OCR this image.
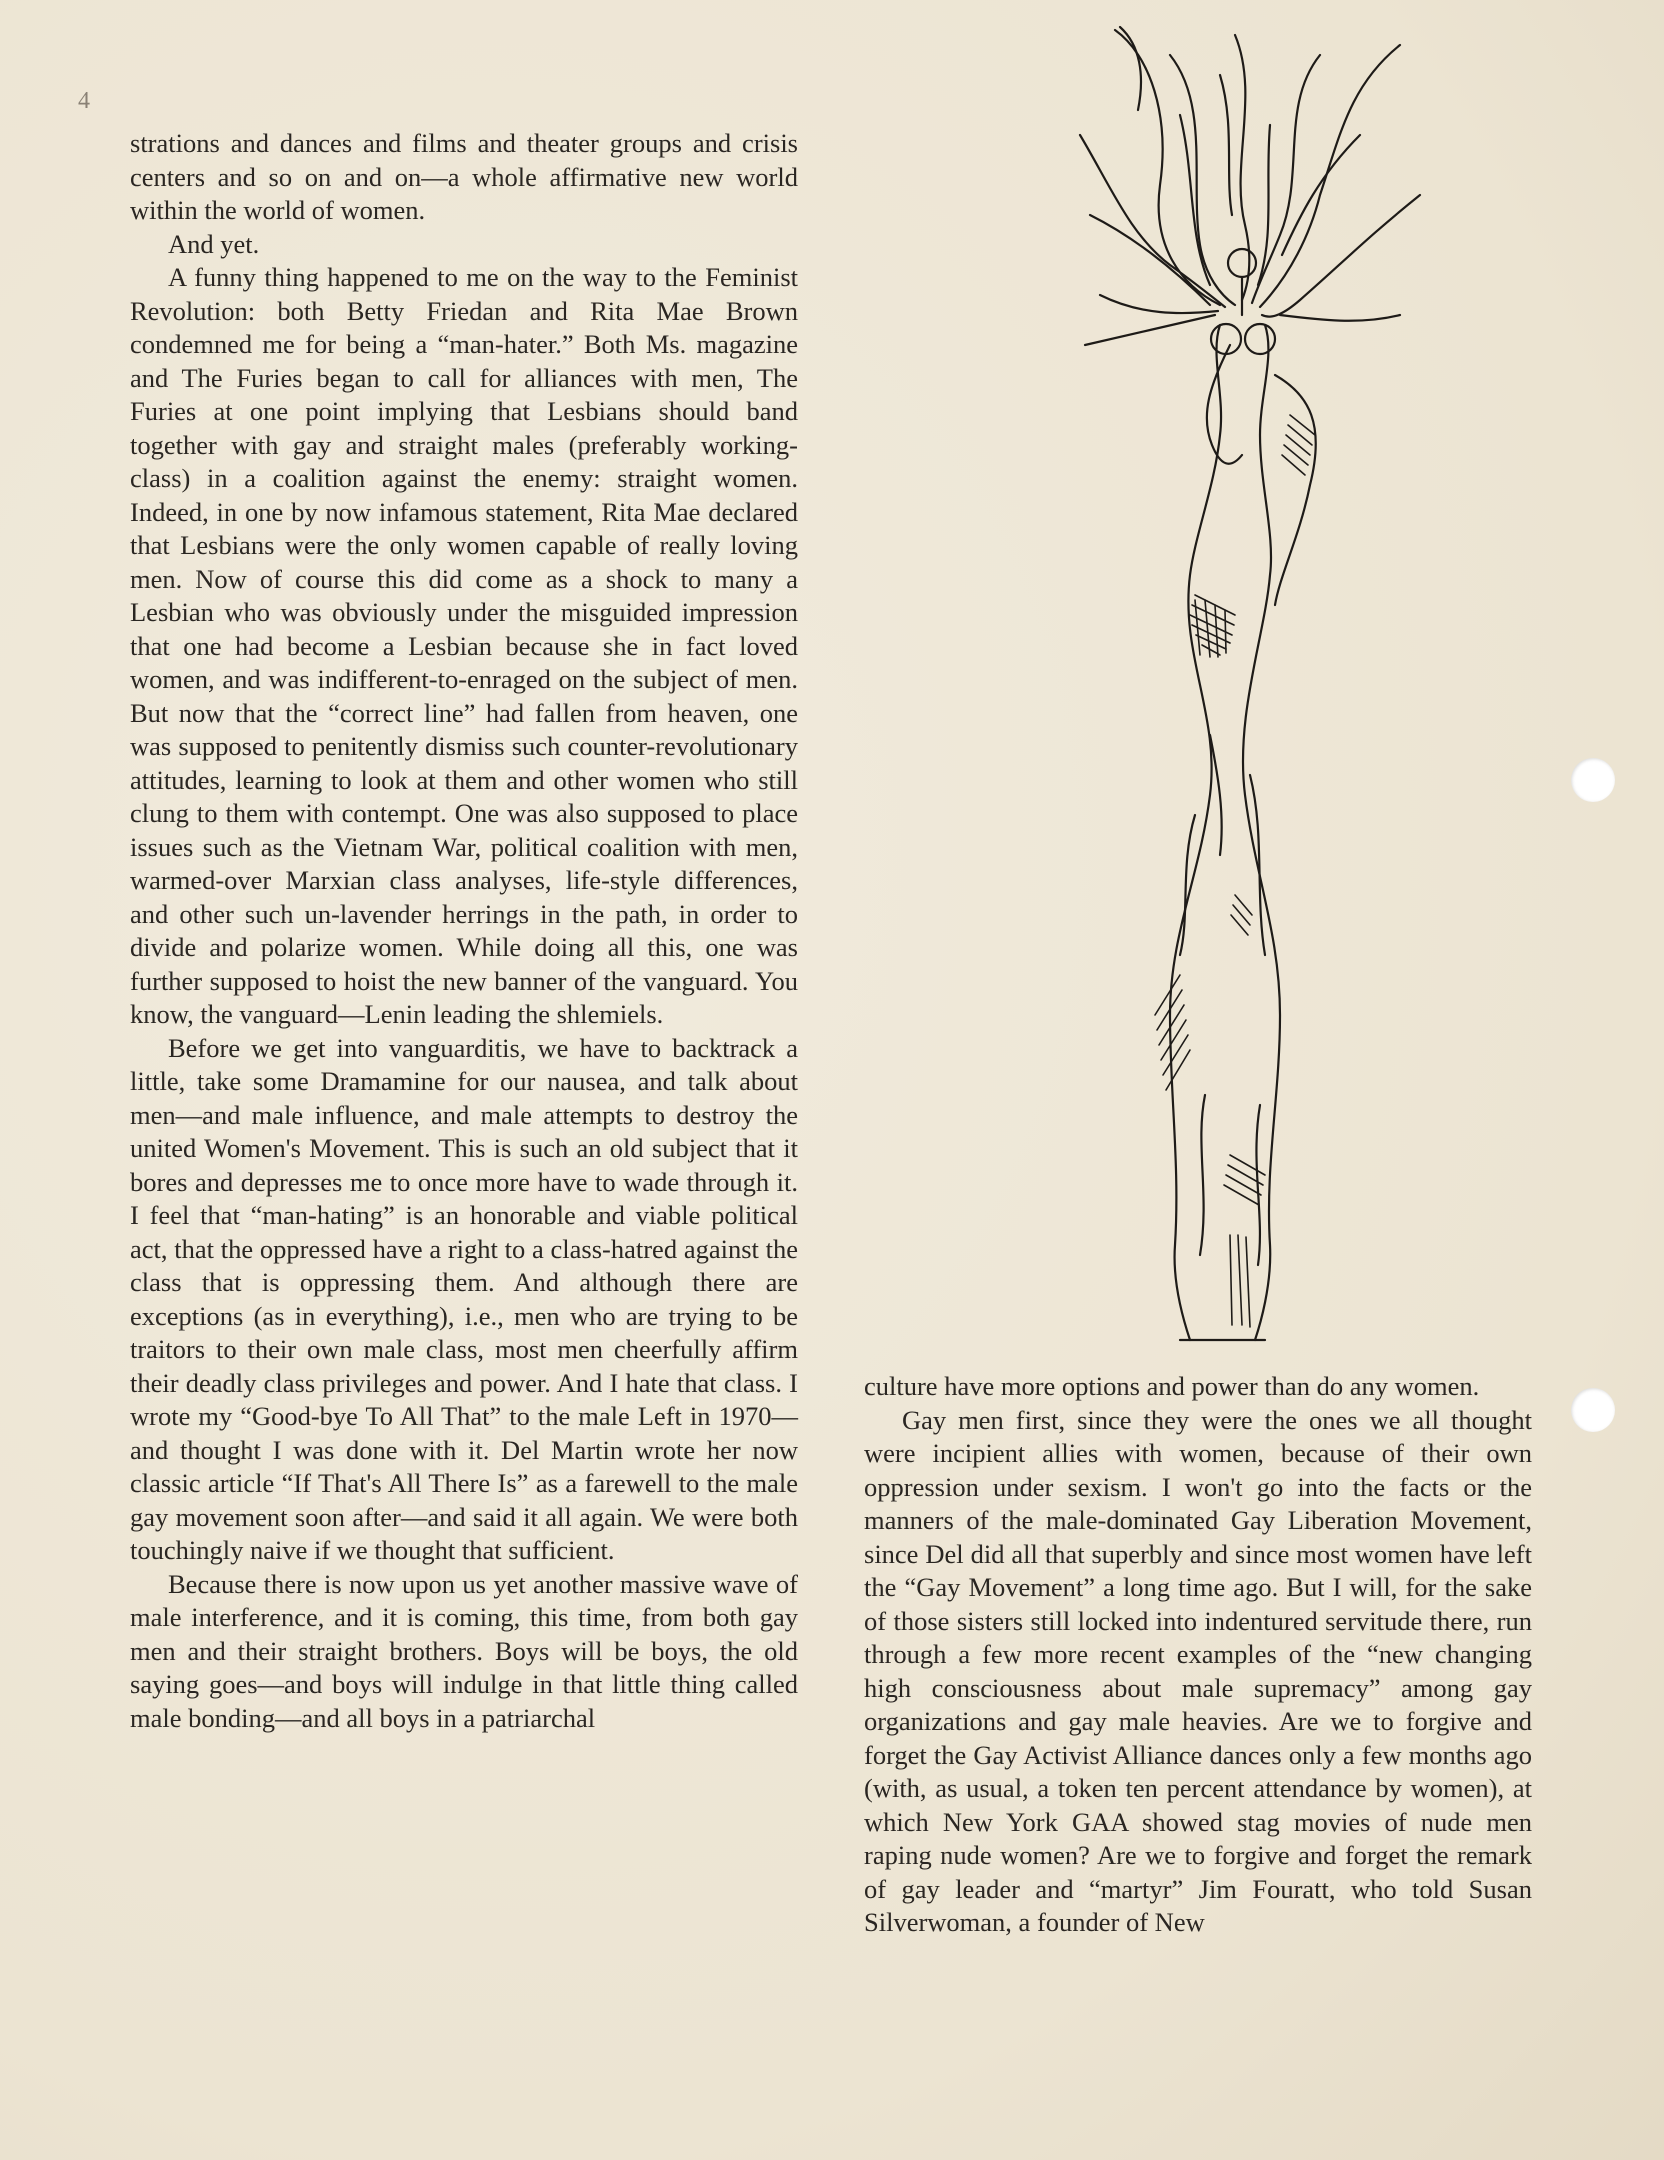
4

strations and dances and films and theater groups and crisis centers and so on and on—a whole affirmative new world within the world of women.

And yet.

A funny thing happened to me on the way to the Feminist Revolution: both Betty Friedan and Rita Mae Brown condemned me for being a “man-hater.” Both Ms. magazine and The Furies began to call for alliances with men, The Furies at one point implying that Lesbians should band together with gay and straight males (preferably working-class) in a coalition against the enemy: straight women. Indeed, in one by now infamous statement, Rita Mae declared that Lesbians were the only women capable of really loving men. Now of course this did come as a shock to many a Lesbian who was obviously under the misguided impression that one had become a Lesbian because she in fact loved women, and was indifferent-to-enraged on the subject of men. But now that the “correct line” had fallen from heaven, one was supposed to penitently dismiss such counter-revolutionary attitudes, learning to look at them and other women who still clung to them with contempt. One was also supposed to place issues such as the Vietnam War, political coalition with men, warmed-over Marxian class analyses, life-style differences, and other such un-lavender herrings in the path, in order to divide and polarize women. While doing all this, one was further supposed to hoist the new banner of the vanguard. You know, the vanguard—Lenin leading the shlemiels.

Before we get into vanguarditis, we have to backtrack a little, take some Dramamine for our nausea, and talk about men—and male influence, and male attempts to destroy the united Women's Movement. This is such an old subject that it bores and depresses me to once more have to wade through it. I feel that “man-hating” is an honorable and viable political act, that the oppressed have a right to a class-hatred against the class that is oppressing them. And although there are exceptions (as in everything), i.e., men who are trying to be traitors to their own male class, most men cheerfully affirm their deadly class privileges and power. And I hate that class. I wrote my “Good-bye To All That” to the male Left in 1970—and thought I was done with it. Del Martin wrote her now classic article “If That's All There Is” as a farewell to the male gay movement soon after—and said it all again. We were both touchingly naive if we thought that sufficient.

Because there is now upon us yet another massive wave of male interference, and it is coming, this time, from both gay men and their straight brothers. Boys will be boys, the old saying goes—and boys will indulge in that little thing called male bonding—and all boys in a patriarchal

culture have more options and power than do any women.

Gay men first, since they were the ones we all thought were incipient allies with women, because of their own oppression under sexism. I won't go into the facts or the manners of the male-dominated Gay Liberation Movement, since Del did all that superbly and since most women have left the “Gay Movement” a long time ago. But I will, for the sake of those sisters still locked into indentured servitude there, run through a few more recent examples of the “new changing high consciousness about male supremacy” among gay organizations and gay male heavies. Are we to forgive and forget the Gay Activist Alliance dances only a few months ago (with, as usual, a token ten percent attendance by women), at which New York GAA showed stag movies of nude men raping nude women? Are we to forgive and forget the remark of gay leader and “martyr” Jim Fouratt, who told Susan Silverwoman, a founder of New
